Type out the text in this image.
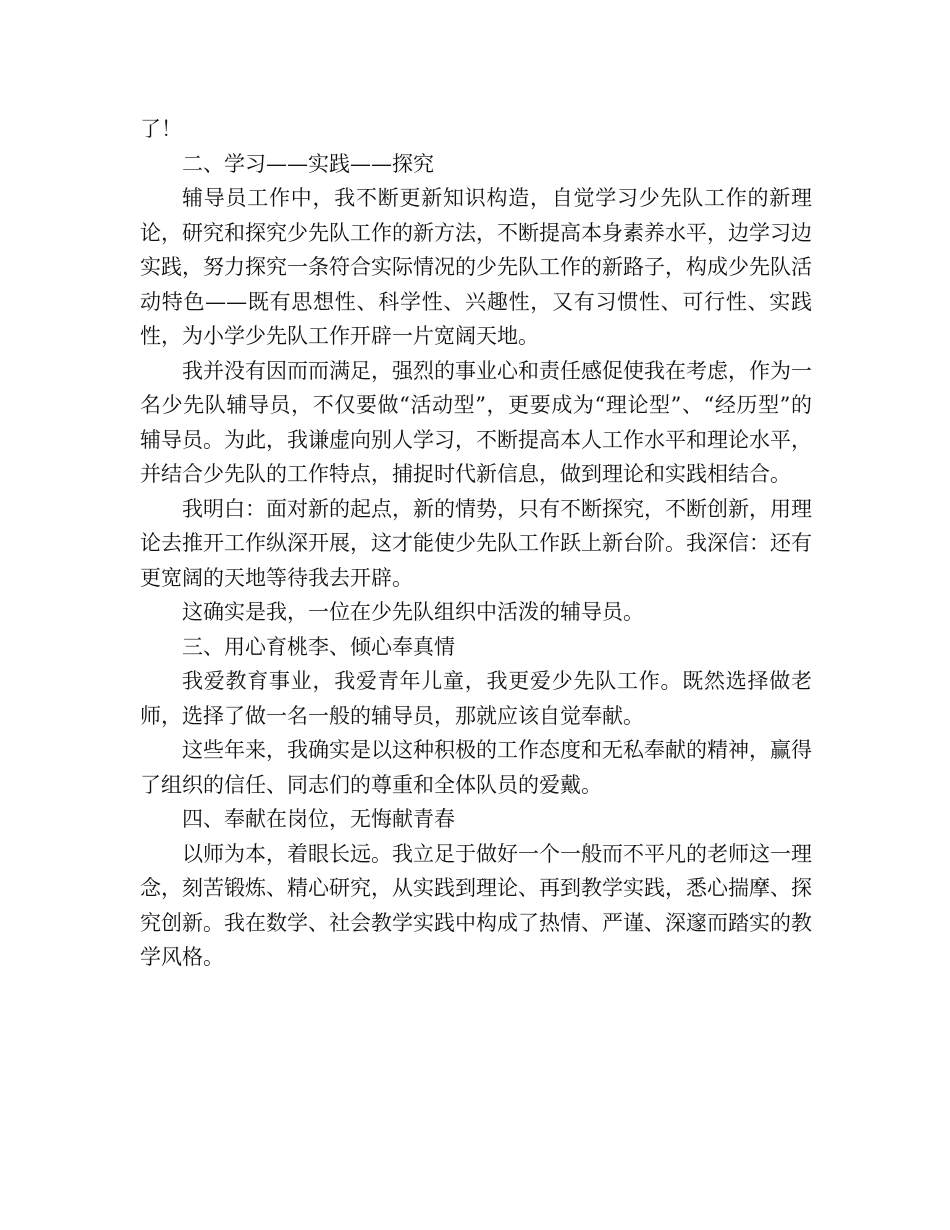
了！

二、学习——实践——探究

辅导员工作中，我不断更新知识构造，自觉学习少先队工作的新理论，研究和探究少先队工作的新方法，不断提高本身素养水平，边学习边实践，努力探究一条符合实际情况的少先队工作的新路子，构成少先队活动特色——既有思想性、科学性、兴趣性，又有习惯性、可行性、实践性，为小学少先队工作开辟一片宽阔天地。

我并没有因而而满足，强烈的事业心和责任感促使我在考虑，作为一名少先队辅导员，不仅要做“活动型”，更要成为“理论型”、“经历型”的辅导员。为此，我谦虚向别人学习，不断提高本人工作水平和理论水平，并结合少先队的工作特点，捕捉时代新信息，做到理论和实践相结合。

我明白：面对新的起点，新的情势，只有不断探究，不断创新，用理论去推开工作纵深开展，这才能使少先队工作跃上新台阶。我深信：还有更宽阔的天地等待我去开辟。

这确实是我，一位在少先队组织中活泼的辅导员。

三、用心育桃李、倾心奉真情

我爱教育事业，我爱青年儿童，我更爱少先队工作。既然选择做老师，选择了做一名一般的辅导员，那就应该自觉奉献。

这些年来，我确实是以这种积极的工作态度和无私奉献的精神，赢得了组织的信任、同志们的尊重和全体队员的爱戴。

四、奉献在岗位，无悔献青春

以师为本，着眼长远。我立足于做好一个一般而不平凡的老师这一理念，刻苦锻炼、精心研究，从实践到理论、再到教学实践，悉心揣摩、探究创新。我在数学、社会教学实践中构成了热情、严谨、深邃而踏实的教学风格。
